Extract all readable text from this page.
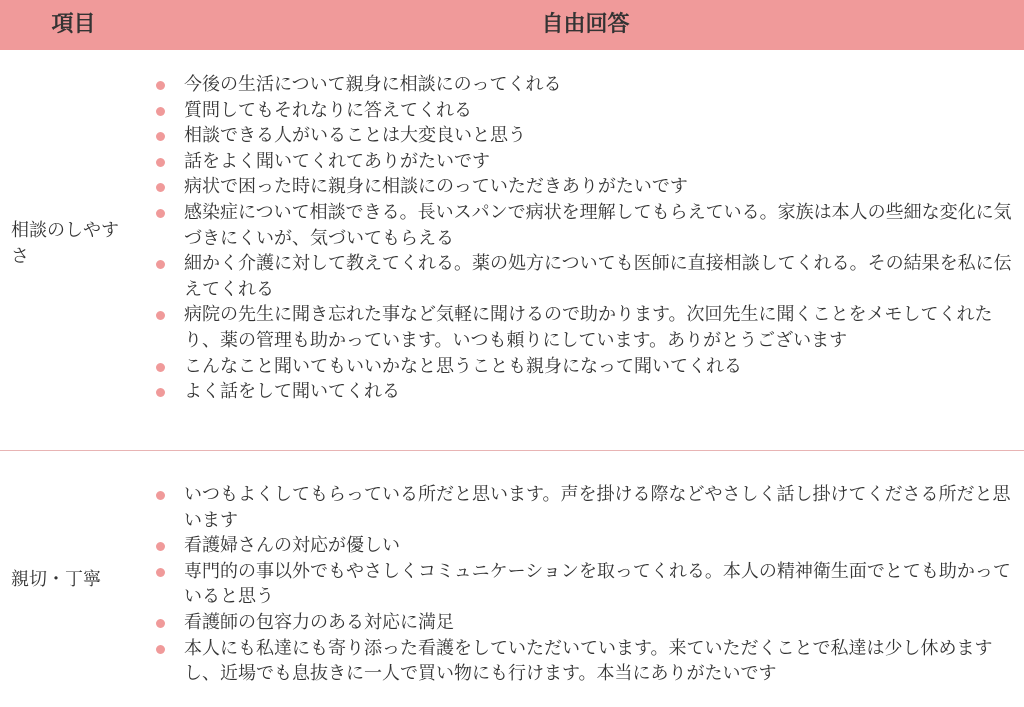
項目	自由回答
相談のしやすさ
今後の生活について親身に相談にのってくれる
質問してもそれなりに答えてくれる
相談できる人がいることは大変良いと思う
話をよく聞いてくれてありがたいです
病状で困った時に親身に相談にのっていただきありがたいです
感染症について相談できる。長いスパンで病状を理解してもらえている。家族は本人の些細な変化に気づきにくいが、気づいてもらえる
細かく介護に対して教えてくれる。薬の処方についても医師に直接相談してくれる。その結果を私に伝えてくれる
病院の先生に聞き忘れた事など気軽に聞けるので助かります。次回先生に聞くことをメモしてくれたり、薬の管理も助かっています。いつも頼りにしています。ありがとうございます
こんなこと聞いてもいいかなと思うことも親身になって聞いてくれる
よく話をして聞いてくれる
親切・丁寧
いつもよくしてもらっている所だと思います。声を掛ける際などやさしく話し掛けてくださる所だと思います
看護婦さんの対応が優しい
専門的の事以外でもやさしくコミュニケーションを取ってくれる。本人の精神衛生面でとても助かっていると思う
看護師の包容力のある対応に満足
本人にも私達にも寄り添った看護をしていただいています。来ていただくことで私達は少し休めますし、近場でも息抜きに一人で買い物にも行けます。本当にありがたいです
